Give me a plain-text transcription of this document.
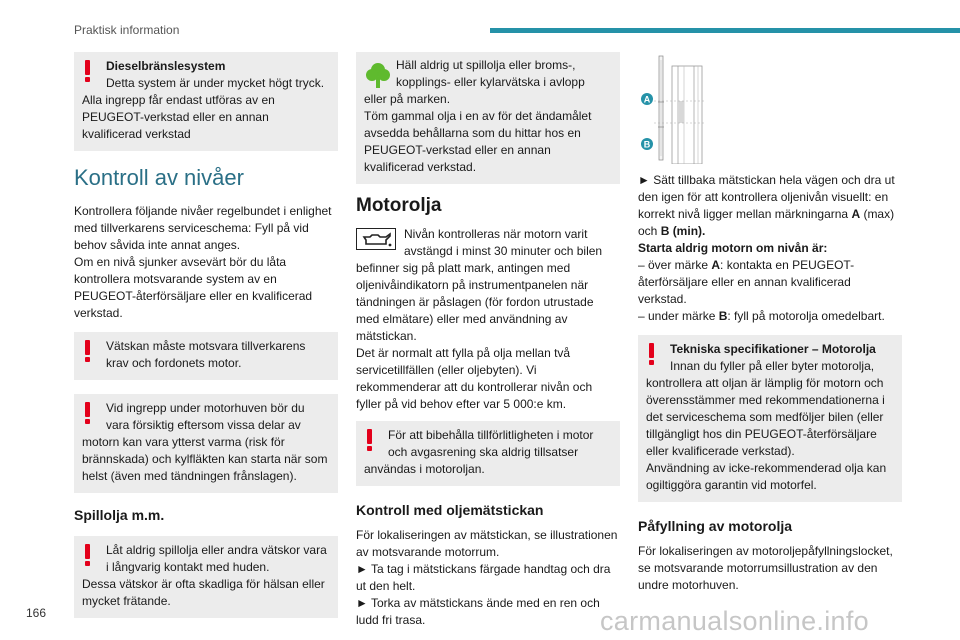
Praktisk information
Dieselbränslesystem
Detta system är under mycket högt tryck.

Alla ingrepp får endast utföras av en PEUGEOT-verkstad eller en annan kvalificerad verkstad

Kontroll av nivåer

Kontrollera följande nivåer regelbundet i enlighet med tillverkarens serviceschema: Fyll på vid behov såvida inte annat anges.

Om en nivå sjunker avsevärt bör du låta kontrollera motsvarande system av en PEUGEOT-återförsäljare eller en kvalificerad verkstad.

Vätskan måste motsvara tillverkarens krav och fordonets motor.
Vid ingrepp under motorhuven bör du vara försiktig eftersom vissa delar av

motorn kan vara ytterst varma (risk för brännskada) och kylfläkten kan starta när som helst (även med tändningen frånslagen).

Spillolja m.m.
Låt aldrig spillolja eller andra vätskor vara i långvarig kontakt med huden.

Dessa vätskor är ofta skadliga för hälsan eller mycket frätande.

Häll aldrig ut spillolja eller broms-, kopplings- eller kylarvätska i avlopp

eller på marken.

Töm gammal olja i en av för det ändamålet avsedda behållarna som du hittar hos en PEUGEOT-verkstad eller en annan kvalificerad verkstad.

Motorolja
Nivån kontrolleras när motorn varit avstängd i minst 30 minuter och bilen befinner sig på platt mark, antingen med oljenivåindikatorn på instrumentpanelen när tändningen är påslagen (för fordon utrustade med elmätare) eller med användning av mätstickan.

Det är normalt att fylla på olja mellan två servicetillfällen (eller oljebyten). Vi rekommenderar att du kontrollerar nivån och fyller på vid behov efter var 5 000:e km.

För att bibehålla tillförlitligheten i motor och avgasrening ska aldrig tillsatser

användas i motoroljan.

Kontroll med oljemätstickan

För lokaliseringen av mätstickan, se illustrationen av motsvarande motorrum.

► Ta tag i mätstickans färgade handtag och dra ut den helt.

► Torka av mätstickans ände med en ren och ludd fri trasa.

A
B

► Sätt tillbaka mätstickan hela vägen och dra ut den igen för att kontrollera oljenivån visuellt: en korrekt nivå ligger mellan märkningarna A (max) och B (min).

Starta aldrig motorn om nivån är:

– över märke A: kontakta en PEUGEOT-återförsäljare eller en annan kvalificerad verkstad.

– under märke B: fyll på motorolja omedelbart.

Tekniska specifikationer – Motorolja
Innan du fyller på eller byter motorolja,

kontrollera att oljan är lämplig för motorn och överensstämmer med rekommendationerna i det serviceschema som medföljer bilen (eller tillgängligt hos din PEUGEOT-återförsäljare eller kvalificerade verkstad).

Användning av icke-rekommenderad olja kan ogiltiggöra garantin vid motorfel.

Påfyllning av motorolja

För lokaliseringen av motoroljepåfyllningslocket, se motsvarande motorrumsillustration av den undre motorhuven.

166	carmanualsonline.info
